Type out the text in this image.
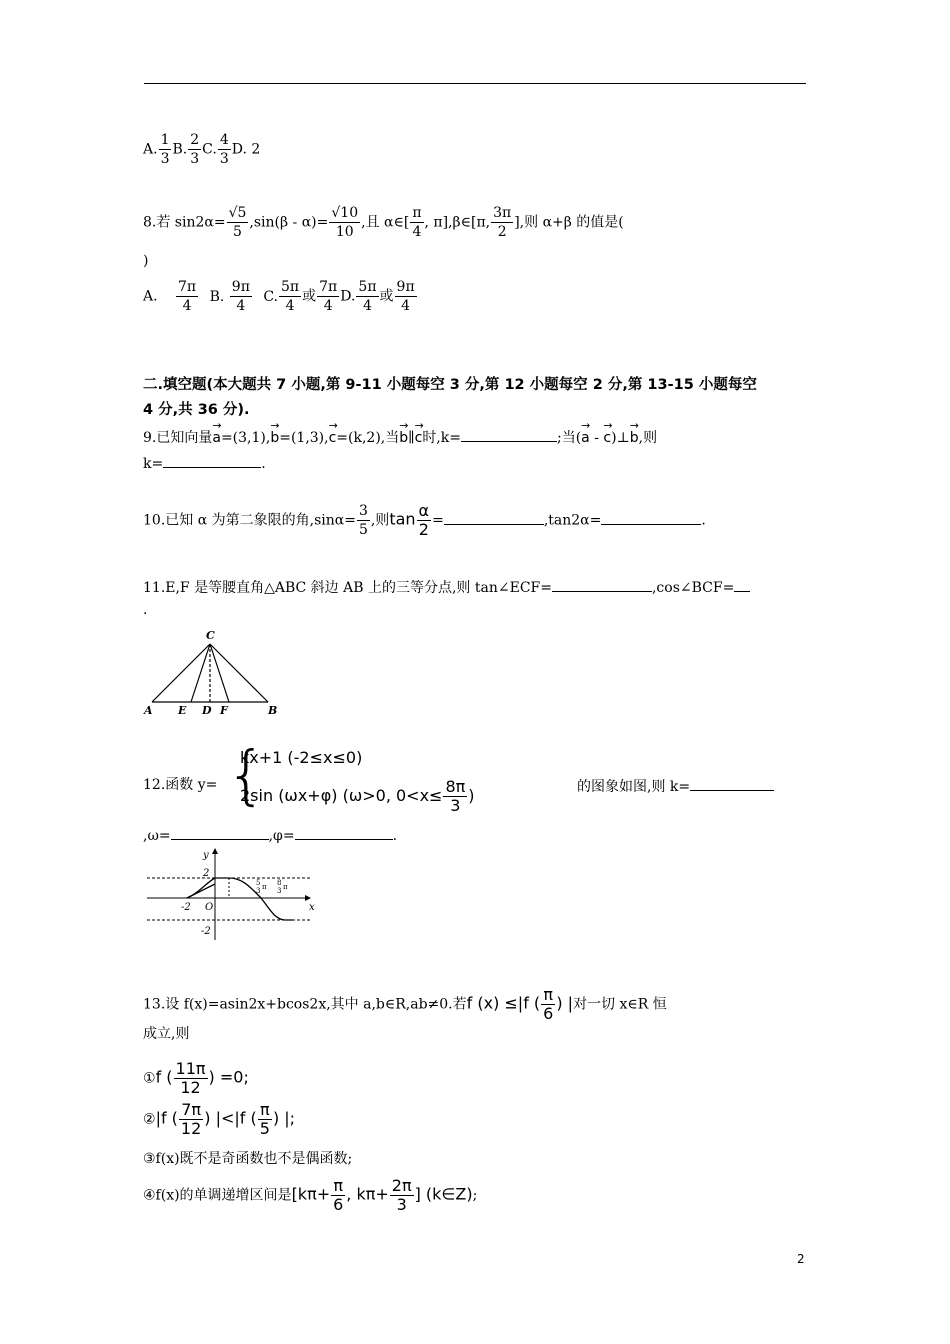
A. $\frac{1}{3} B$. $\frac{2}{3} C$. $\frac{4}{3} D$. 2
8.若 $\sin 2\alpha= \frac{√5}{5} ,\sin(\beta - \alpha)= \frac{√10}{10}$ ,且 α∈[ $\frac{\pi}{4}$ , π],β∈[π, $\frac{3\pi}{2}$ ],则 α+β 的值是(
)
A. $\frac{7\pi}{4} B$. $\frac{9\pi}{4} C$. $\frac{5\pi}{4}$ 或 $\frac{7\pi}{4} D$. $\frac{5\pi}{4}$ 或 $\frac{9\pi}{4}$
二.填空题(本大题共 7 小题,第 9-11 小题每空 3 分,第 12 小题每空 2 分,第 13-15 小题每空
4 分,共 36 分).
9.已知向量→ a=(3,1),→ b=(1,3),→ c=(k,2),当→ b∥→ c时,k=	;当(→ a - → c)⊥→ b,则
k=	.
10.已知 α 为第二象限的角$,\sin\alpha= \frac{3}{5}$ ,则$\tan \frac{\alpha}{2}$ =	,tan2α=	.
11.E,F 是等腰直角△ABC 斜边 AB 上的三等分点,则 tan∠ECF=	,cos∠BCF=
.
C
A E D F	B
{
12.函数 y=
kx+1 (-2≤x≤0)
2sin (ωx+φ) (ω>0, $0<x\le \frac{8\pi}{3}$ )	的图象如图,则 k=
,ω=	,φ=	.
y
x
O
2
-2
-2
5
3 π 8
3 π
13.设 f(x)=asin2x+bcos2x,其中 a,b∈R,ab≠0.若f (x) ≤|f ( $\frac{\pi}{6}$ ) |对一切 x∈R 恒
成立,则
①f ( $\frac{11\pi}{12}$ ) =0;
②|f ( $\frac{7\pi}{12}$ ) |<|f ( $\frac{\pi}{5}$ ) |;
③f(x)既不是奇函数也不是偶函数;
④f(x)的单调递增区间是[$k\pi+ \frac{\pi}{6}$ , $k\pi+ \frac{2\pi}{3}$ ] (k∈Z);
2
